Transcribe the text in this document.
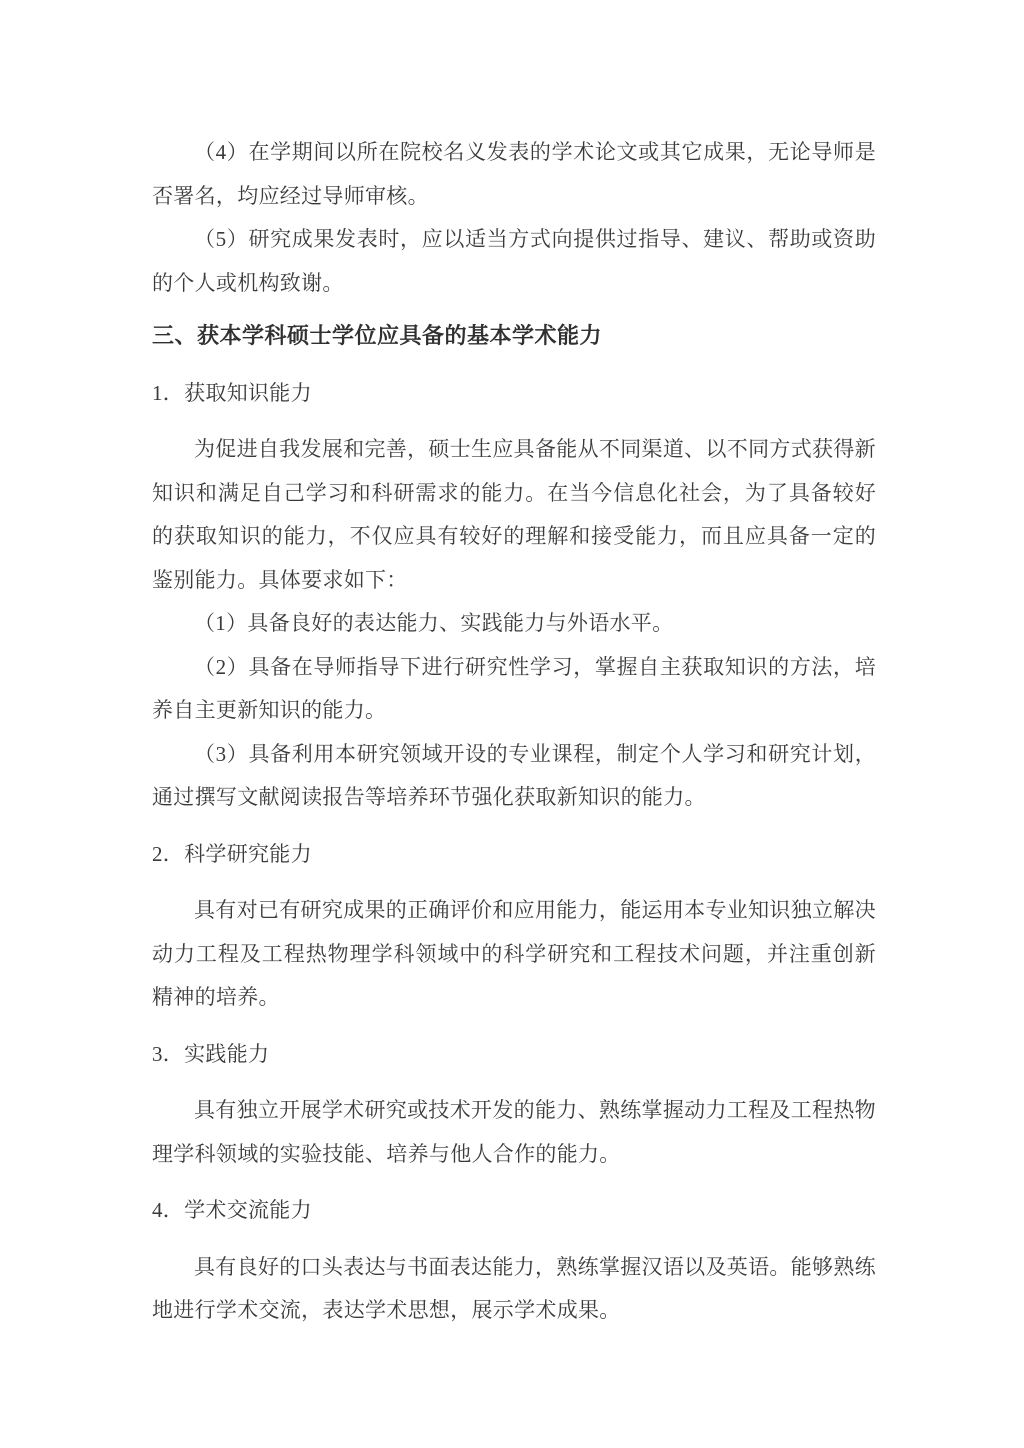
（4）在学期间以所在院校名义发表的学术论文或其它成果，无论导师是否署名，均应经过导师审核。

（5）研究成果发表时，应以适当方式向提供过指导、建议、帮助或资助的个人或机构致谢。

三、获本学科硕士学位应具备的基本学术能力
1．获取知识能力

为促进自我发展和完善，硕士生应具备能从不同渠道、以不同方式获得新知识和满足自己学习和科研需求的能力。在当今信息化社会，为了具备较好的获取知识的能力，不仅应具有较好的理解和接受能力，而且应具备一定的鉴别能力。具体要求如下：

（1）具备良好的表达能力、实践能力与外语水平。

（2）具备在导师指导下进行研究性学习，掌握自主获取知识的方法，培养自主更新知识的能力。

（3）具备利用本研究领域开设的专业课程，制定个人学习和研究计划，通过撰写文献阅读报告等培养环节强化获取新知识的能力。

2．科学研究能力

具有对已有研究成果的正确评价和应用能力，能运用本专业知识独立解决动力工程及工程热物理学科领域中的科学研究和工程技术问题，并注重创新精神的培养。

3．实践能力

具有独立开展学术研究或技术开发的能力、熟练掌握动力工程及工程热物理学科领域的实验技能、培养与他人合作的能力。

4．学术交流能力

具有良好的口头表达与书面表达能力，熟练掌握汉语以及英语。能够熟练地进行学术交流，表达学术思想，展示学术成果。
